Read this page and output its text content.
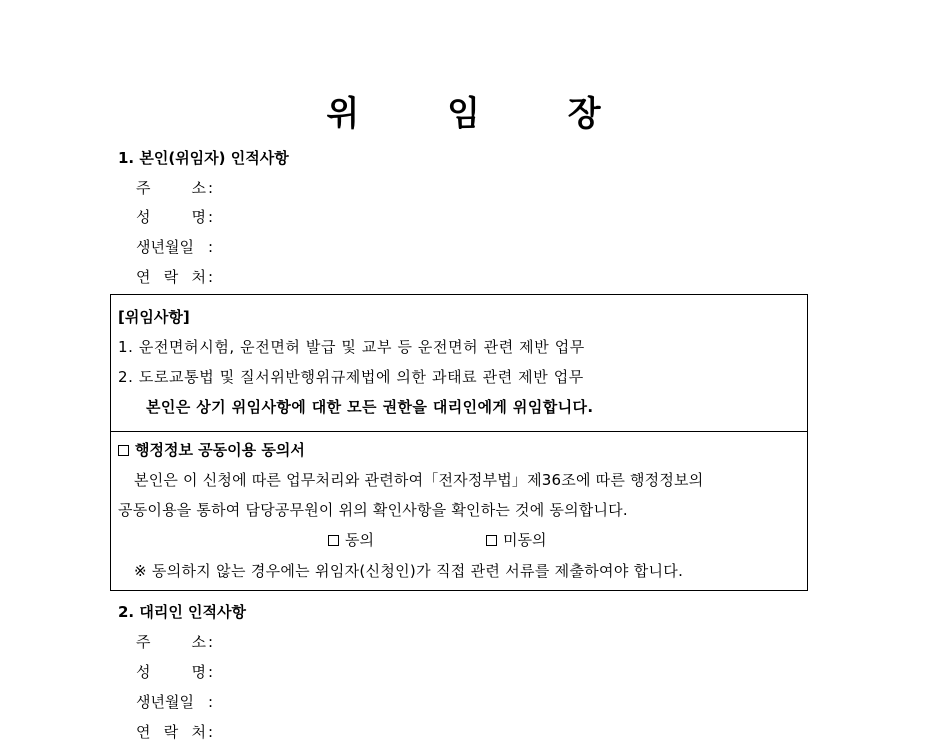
위 임 장
1. 본인(위임자) 인적사항
주 소 :
성 명 :
생년월일 :
연 락 처 :
[위임사항]
1. 운전면허시험, 운전면허 발급 및 교부 등 운전면허 관련 제반 업무
2. 도로교통법 및 질서위반행위규제법에 의한 과태료 관련 제반 업무
본인은 상기 위임사항에 대한 모든 권한을 대리인에게 위임합니다.
행정정보 공동이용 동의서
본인은 이 신청에 따른 업무처리와 관련하여「전자정부법」제36조에 따른 행정정보의
공동이용을 통하여 담당공무원이 위의 확인사항을 확인하는 것에 동의합니다.
동의	미동의
※ 동의하지 않는 경우에는 위임자(신청인)가 직접 관련 서류를 제출하여야 합니다.
2. 대리인 인적사항
주 소 :
성 명 :
생년월일 :
연 락 처 :
